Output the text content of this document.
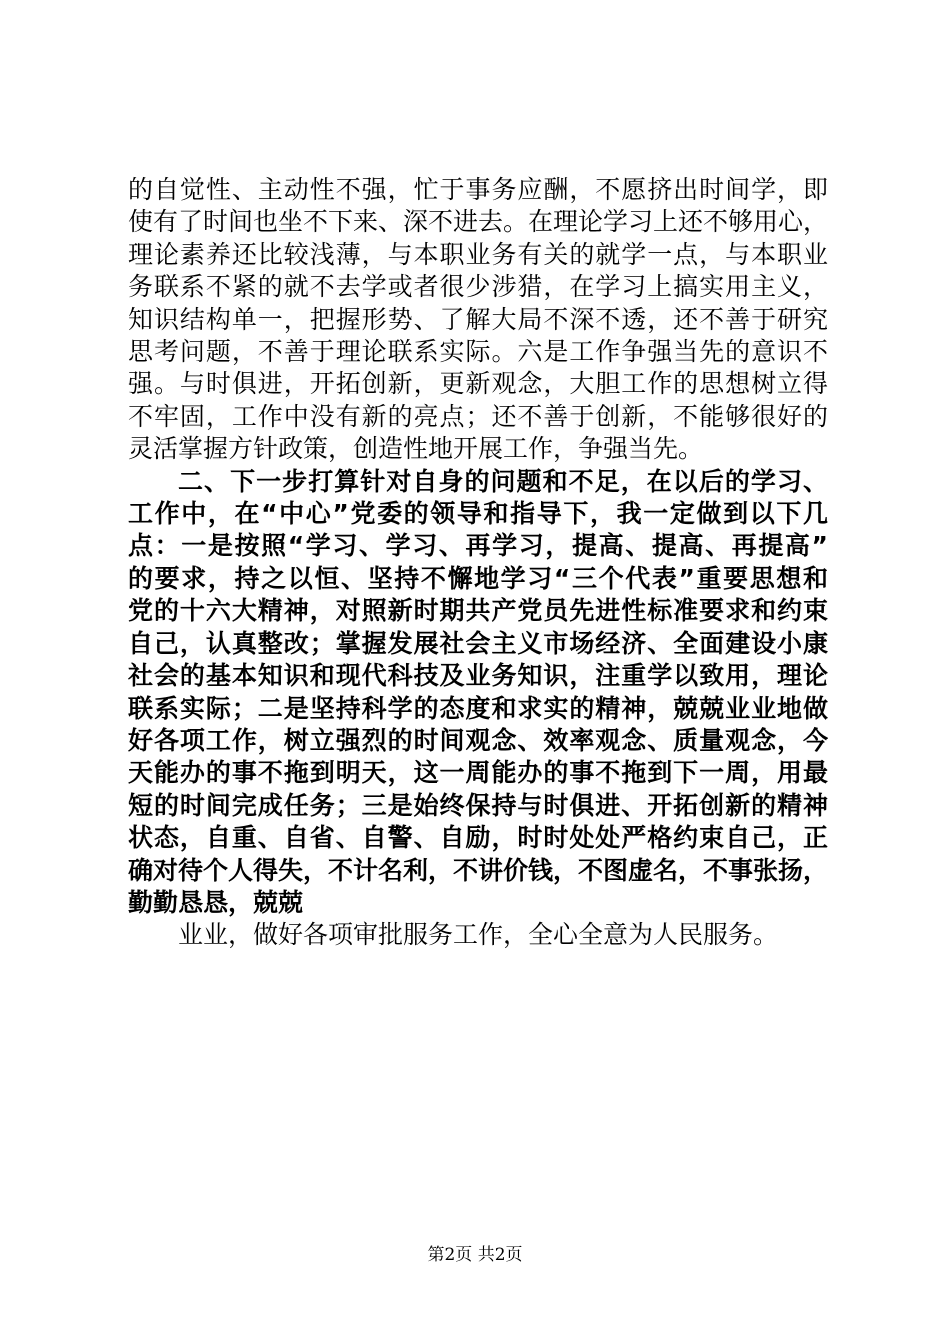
的自觉性、主动性不强，忙于事务应酬，不愿挤出时间学，即
使有了时间也坐不下来、深不进去。在理论学习上还不够用心，
理论素养还比较浅薄，与本职业务有关的就学一点，与本职业
务联系不紧的就不去学或者很少涉猎，在学习上搞实用主义，
知识结构单一，把握形势、了解大局不深不透，还不善于研究
思考问题，不善于理论联系实际。六是工作争强当先的意识不
强。与时俱进，开拓创新，更新观念，大胆工作的思想树立得
不牢固，工作中没有新的亮点；还不善于创新，不能够很好的
灵活掌握方针政策，创造性地开展工作，争强当先。
二、下一步打算针对自身的问题和不足，在以后的学习、
工作中，在“中心”党委的领导和指导下，我一定做到以下几
点：一是按照“学习、学习、再学习，提高、提高、再提高”
的要求，持之以恒、坚持不懈地学习“三个代表”重要思想和
党的十六大精神，对照新时期共产党员先进性标准要求和约束
自己，认真整改；掌握发展社会主义市场经济、全面建设小康
社会的基本知识和现代科技及业务知识，注重学以致用，理论
联系实际；二是坚持科学的态度和求实的精神，兢兢业业地做
好各项工作，树立强烈的时间观念、效率观念、质量观念，今
天能办的事不拖到明天，这一周能办的事不拖到下一周，用最
短的时间完成任务；三是始终保持与时俱进、开拓创新的精神
状态，自重、自省、自警、自励，时时处处严格约束自己，正
确对待个人得失，不计名利，不讲价钱，不图虚名，不事张扬，
勤勤恳恳，兢兢
业业，做好各项审批服务工作，全心全意为人民服务。
第2页 共2页
